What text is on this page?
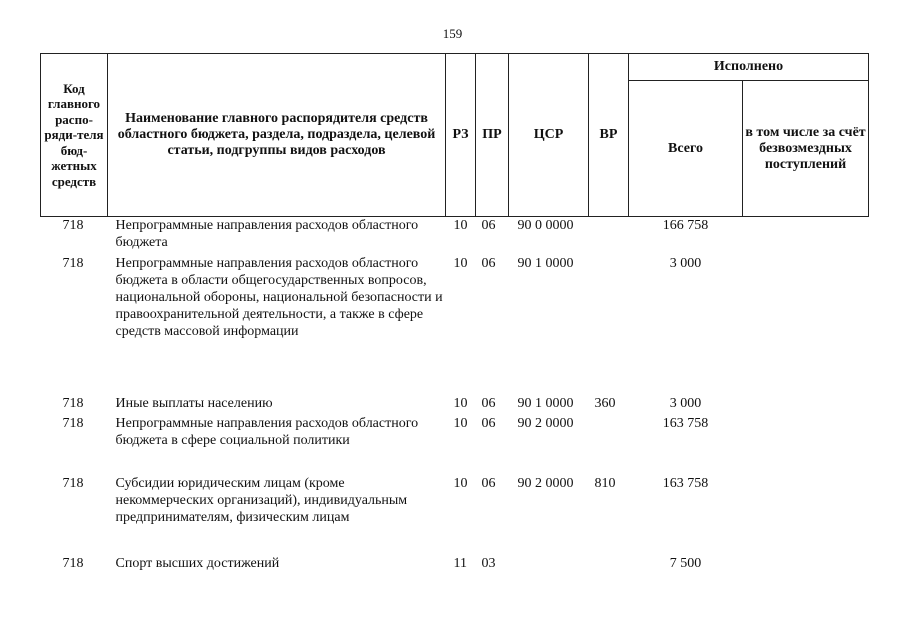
159
Код главного распо-ряди-теля бюд-жетных средств	Наименование главного распорядителя средств областного бюджета, раздела, подраздела, целевой статьи, подгруппы видов расходов	РЗ	ПР	ЦСР	ВР	Исполнено	
						Всего	в том числе за счёт безвозмездных поступлений
718	Непрограммные направления расходов областного бюджета	10	06	90 0 0000		166 758	
718	Непрограммные направления расходов областного бюджета в области общегосударственных вопросов, национальной обороны, национальной безопасности и правоохранительной деятельности, а также в сфере средств массовой информации	10	06	90 1 0000		3 000	
718	Иные выплаты населению	10	06	90 1 0000	360	3 000	
718	Непрограммные направления расходов областного бюджета в сфере социальной политики	10	06	90 2 0000		163 758	
718	Субсидии юридическим лицам (кроме некоммерческих организаций), индивидуальным предпринимателям, физическим лицам	10	06	90 2 0000	810	163 758	
718	Спорт высших достижений	11	03			7 500	
